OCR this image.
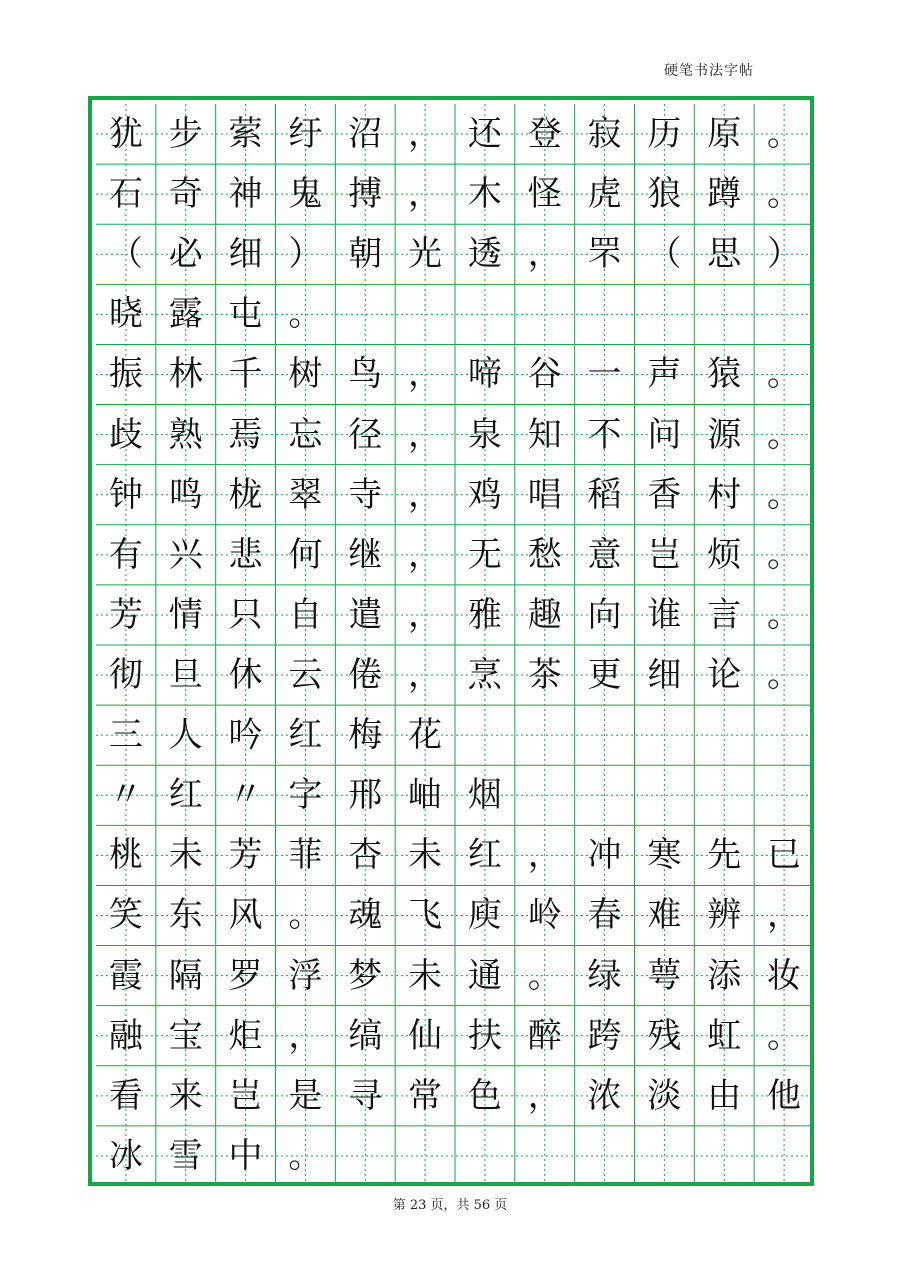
硬笔书法字帖
犹 步 萦 纡 沼 ， 还 登 寂 历 原 。
石 奇 神 鬼 搏 ， 木 怪 虎 狼 蹲 。
（ 必 细 ） 朝 光 透 ， 罘 （ 思 ）
晓 露 屯 。
振 林 千 树 鸟 ， 啼 谷 一 声 猿 。
歧 熟 焉 忘 径 ， 泉 知 不 问 源 。
钟 鸣 栊 翠 寺 ， 鸡 唱 稻 香 村 。
有 兴 悲 何 继 ， 无 愁 意 岂 烦 。
芳 情 只 自 遣 ， 雅 趣 向 谁 言 。
彻 旦 休 云 倦 ， 烹 茶 更 细 论 。
三 人 吟 红 梅 花
〃 红 〃 字 邢 岫 烟
桃 未 芳 菲 杏 未 红 ， 冲 寒 先 已
笑 东 风 。 魂 飞 庾 岭 春 难 辨 ，
霞 隔 罗 浮 梦 未 通 。 绿 萼 添 妆
融 宝 炬 ， 缟 仙 扶 醉 跨 残 虹 。
看 来 岂 是 寻 常 色 ， 浓 淡 由 他
冰 雪 中 。
第 23 页，共 56 页
